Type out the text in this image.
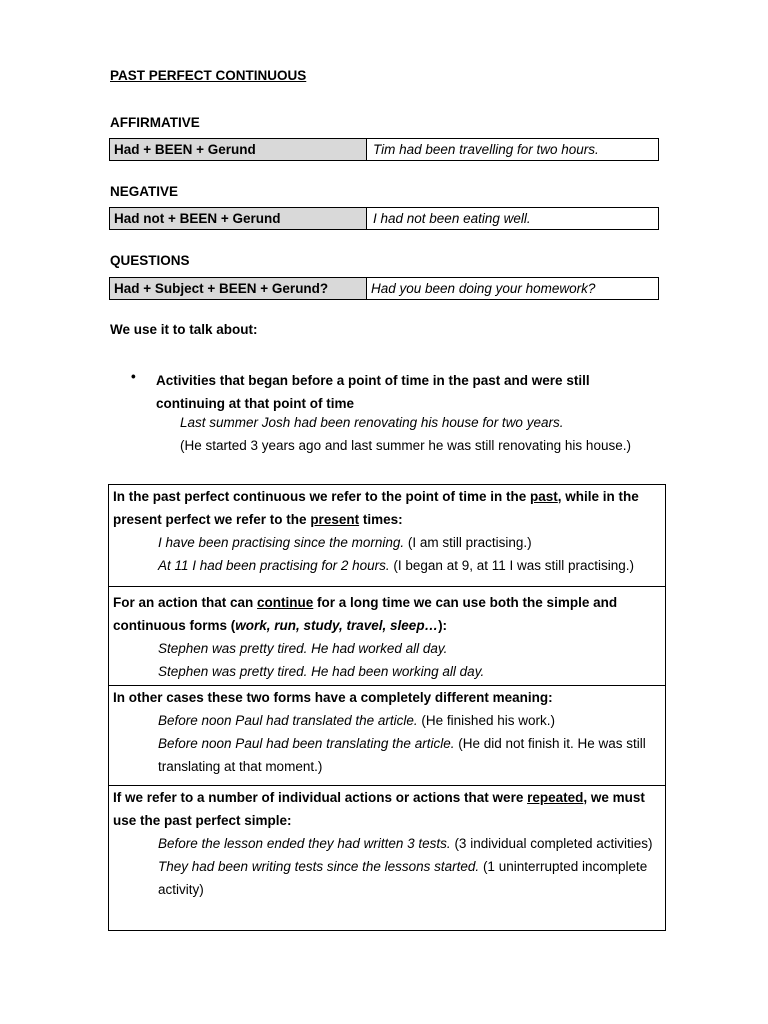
PAST PERFECT CONTINUOUS
AFFIRMATIVE
Had + BEEN + Gerund	Tim had been travelling for two hours.
NEGATIVE
Had not + BEEN + Gerund	I had not been eating well.
QUESTIONS
Had + Subject + BEEN + Gerund?	Had you been doing your homework?
We use it to talk about:
• Activities that began before a point of time in the past and were still continuing at that point of time
Last summer Josh had been renovating his house for two years.
(He started 3 years ago and last summer he was still renovating his house.)
In the past perfect continuous we refer to the point of time in the past, while in the present perfect we refer to the present times:
I have been practising since the morning. (I am still practising.)
At 11 I had been practising for 2 hours. (I began at 9, at 11 I was still practising.)
For an action that can continue for a long time we can use both the simple and continuous forms (work, run, study, travel, sleep…):
Stephen was pretty tired. He had worked all day.
Stephen was pretty tired. He had been working all day.
In other cases these two forms have a completely different meaning:
Before noon Paul had translated the article. (He finished his work.)
Before noon Paul had been translating the article. (He did not finish it. He was still translating at that moment.)
If we refer to a number of individual actions or actions that were repeated, we must use the past perfect simple:
Before the lesson ended they had written 3 tests. (3 individual completed activities)
They had been writing tests since the lessons started. (1 uninterrupted incomplete activity)
